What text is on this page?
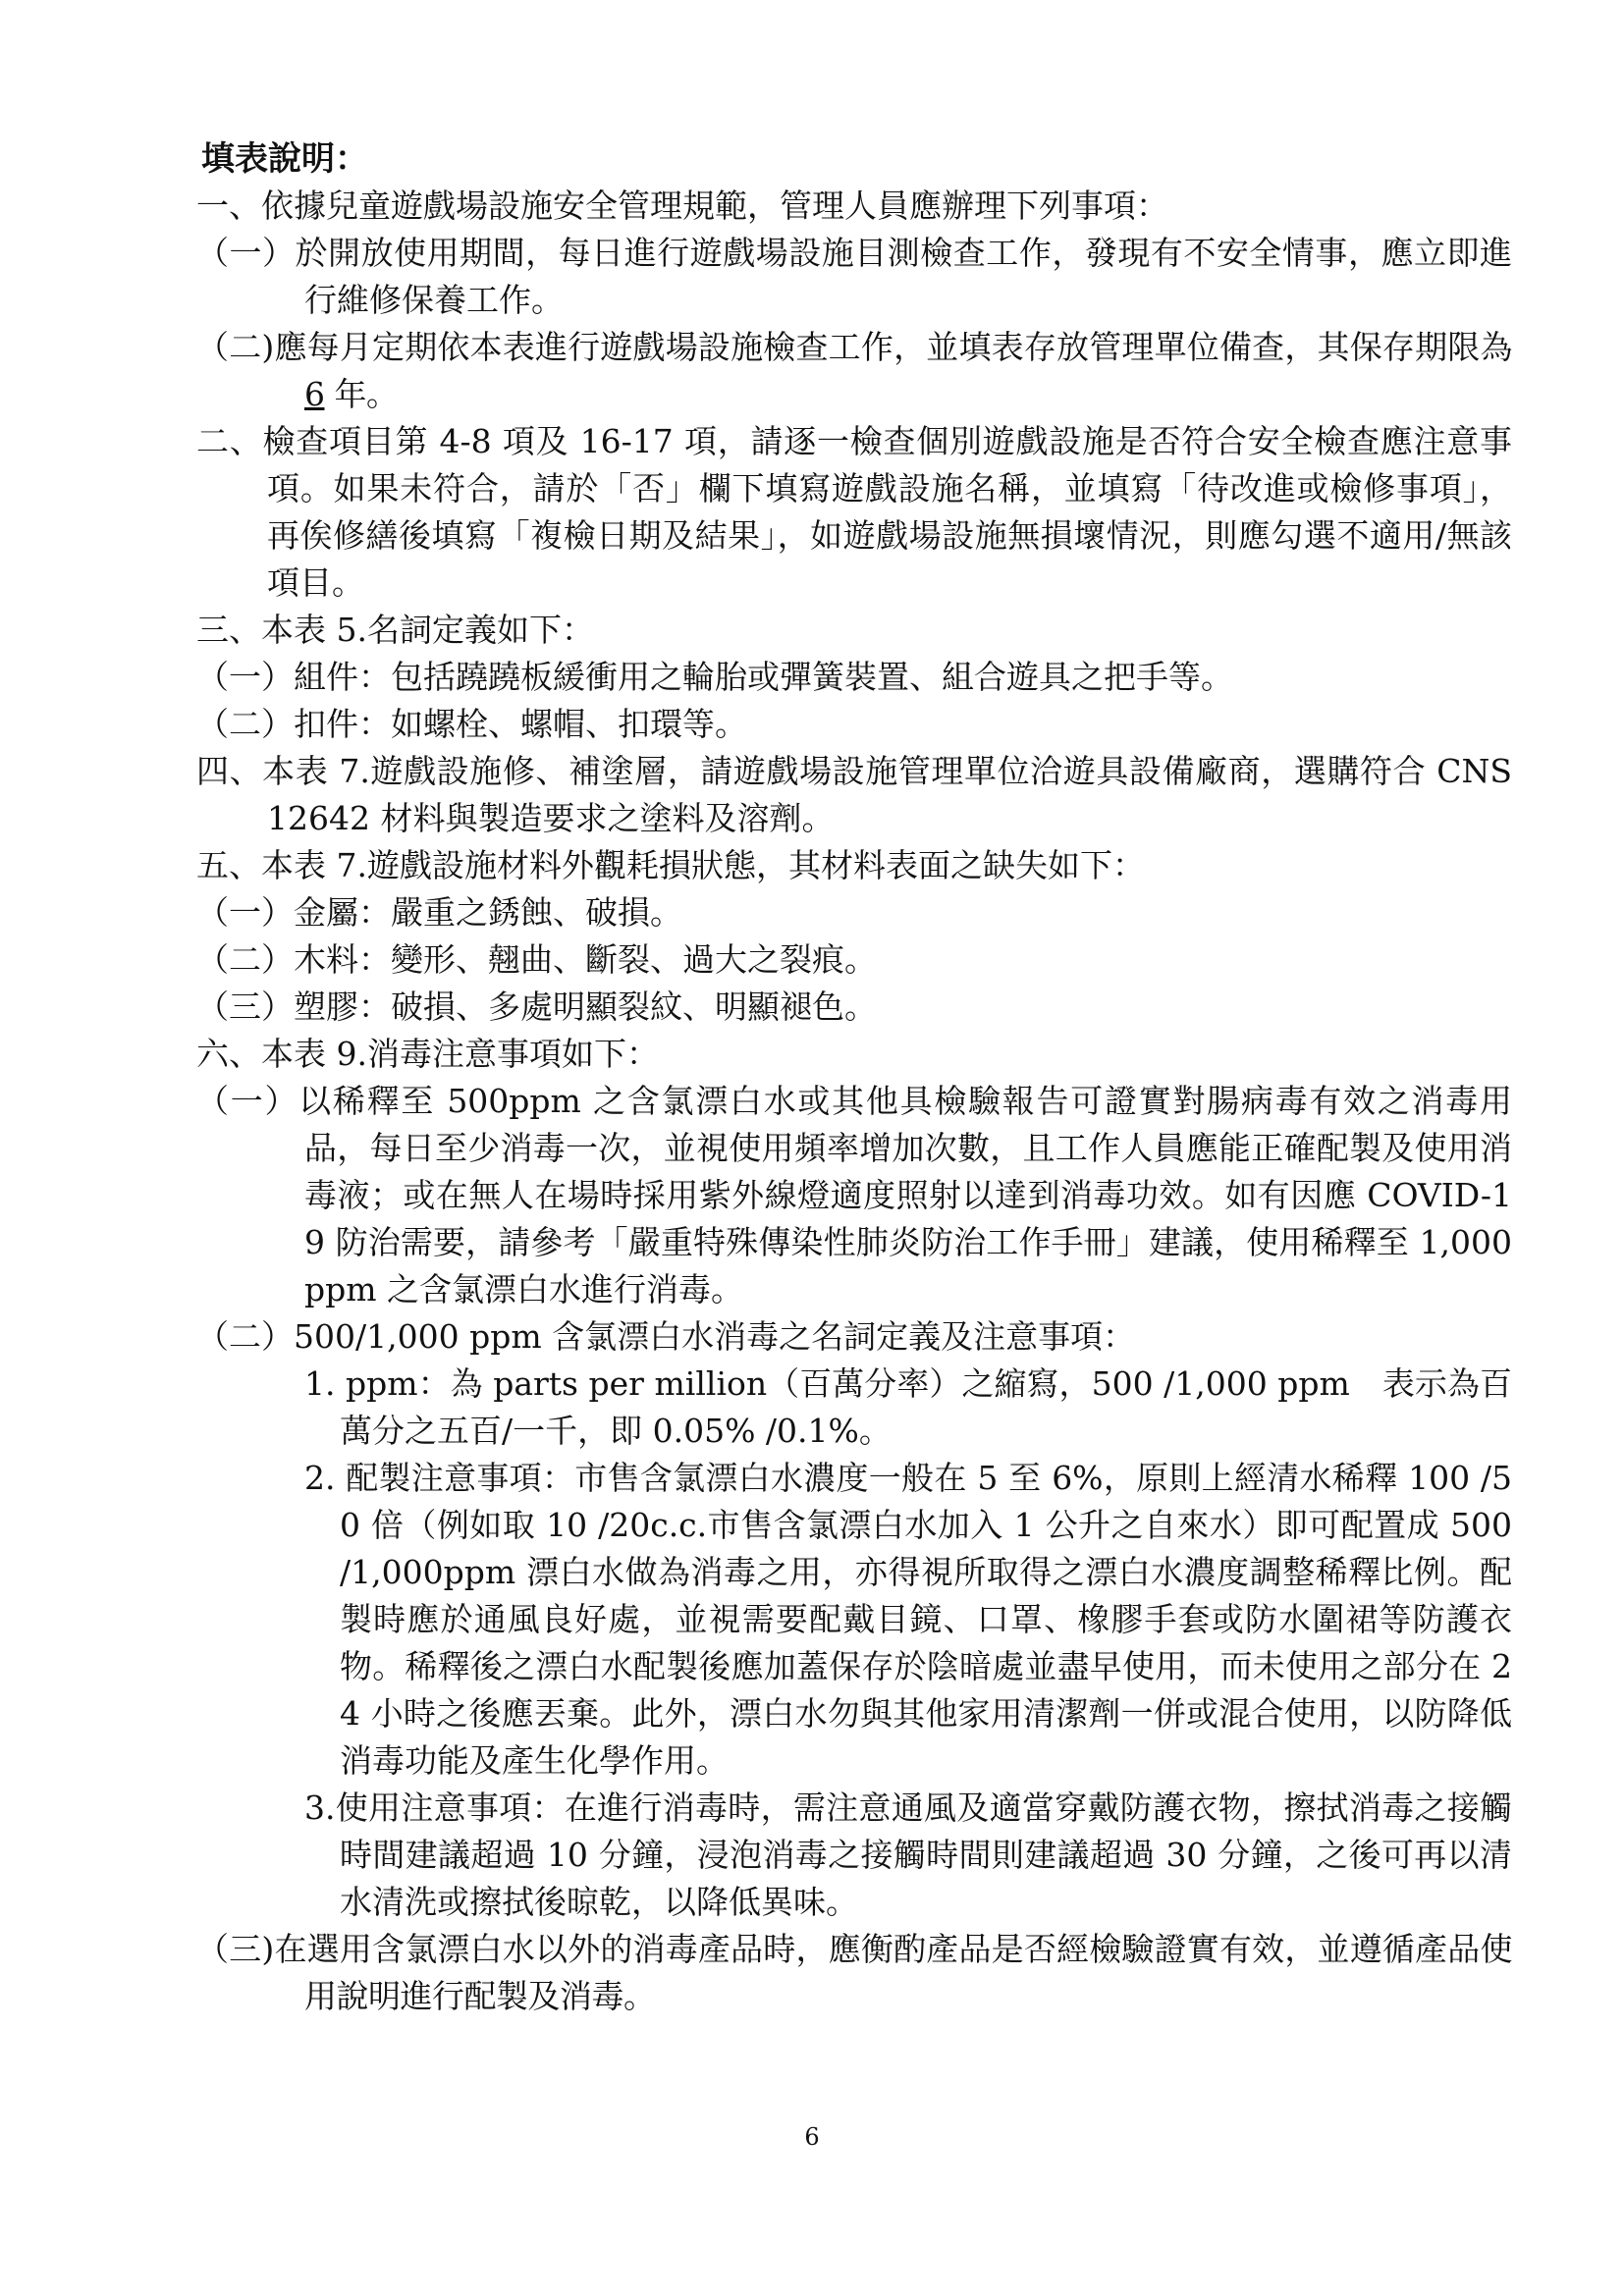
填表說明：
一、依據兒童遊戲場設施安全管理規範，管理人員應辦理下列事項：
（一）於開放使用期間，每日進行遊戲場設施目測檢查工作，發現有不安全情事，應立即進行維修保養工作。
（二)應每月定期依本表進行遊戲場設施檢查工作，並填表存放管理單位備查，其保存期限為 6 年。
二、檢查項目第 4-8 項及 16-17 項，請逐一檢查個別遊戲設施是否符合安全檢查應注意事項。如果未符合，請於「否」欄下填寫遊戲設施名稱，並填寫「待改進或檢修事項」，再俟修繕後填寫「複檢日期及結果」，如遊戲場設施無損壞情況，則應勾選不適用/無該項目。
三、本表 5.名詞定義如下：
（一）組件：包括蹺蹺板緩衝用之輪胎或彈簧裝置、組合遊具之把手等。
（二）扣件：如螺栓、螺帽、扣環等。
四、本表 7.遊戲設施修、補塗層，請遊戲場設施管理單位洽遊具設備廠商，選購符合 CNS 12642 材料與製造要求之塗料及溶劑。
五、本表 7.遊戲設施材料外觀耗損狀態，其材料表面之缺失如下：
（一）金屬：嚴重之銹蝕、破損。
（二）木料：變形、翹曲、斷裂、過大之裂痕。
（三）塑膠：破損、多處明顯裂紋、明顯褪色。
六、本表 9.消毒注意事項如下：
（一）以稀釋至 500ppm 之含氯漂白水或其他具檢驗報告可證實對腸病毒有效之消毒用品，每日至少消毒一次，並視使用頻率增加次數，且工作人員應能正確配製及使用消毒液；或在無人在場時採用紫外線燈適度照射以達到消毒功效。如有因應 COVID-19 防治需要，請參考「嚴重特殊傳染性肺炎防治工作手冊」建議，使用稀釋至 1,000ppm 之含氯漂白水進行消毒。
（二）500/1,000 ppm 含氯漂白水消毒之名詞定義及注意事項：
1. ppm：為 parts per million（百萬分率）之縮寫，500 /1,000 ppm　表示為百萬分之五百/一千，即 0.05% /0.1%。
2. 配製注意事項：市售含氯漂白水濃度一般在 5 至 6%，原則上經清水稀釋 100 /50 倍（例如取 10 /20c.c.市售含氯漂白水加入 1 公升之自來水）即可配置成 500 /1,000ppm 漂白水做為消毒之用，亦得視所取得之漂白水濃度調整稀釋比例。配製時應於通風良好處，並視需要配戴目鏡、口罩、橡膠手套或防水圍裙等防護衣物。稀釋後之漂白水配製後應加蓋保存於陰暗處並盡早使用，而未使用之部分在 24 小時之後應丟棄。此外，漂白水勿與其他家用清潔劑一併或混合使用，以防降低消毒功能及產生化學作用。
3.使用注意事項：在進行消毒時，需注意通風及適當穿戴防護衣物，擦拭消毒之接觸時間建議超過 10 分鐘，浸泡消毒之接觸時間則建議超過 30 分鐘，之後可再以清水清洗或擦拭後晾乾，以降低異味。
（三)在選用含氯漂白水以外的消毒產品時，應衡酌產品是否經檢驗證實有效，並遵循產品使用說明進行配製及消毒。
6
